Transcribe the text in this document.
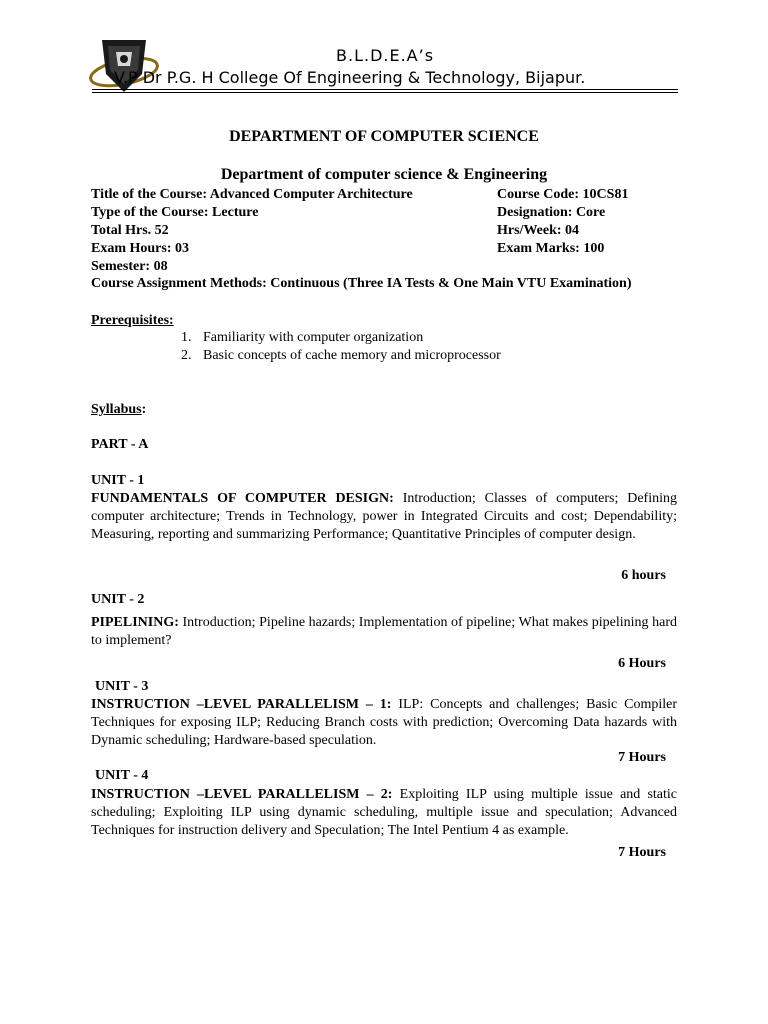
B.L.D.E.A’s
V.P Dr P.G. H College Of Engineering & Technology, Bijapur.
DEPARTMENT OF COMPUTER SCIENCE
Department of computer science & Engineering
Title of the Course: Advanced Computer Architecture	Course Code: 10CS81
Type of the Course: Lecture	Designation: Core
Total Hrs. 52	Hrs/Week: 04
Exam Hours: 03	Exam Marks: 100
Semester: 08
Course Assignment Methods: Continuous (Three IA Tests & One Main VTU Examination)
Prerequisites:
1. Familiarity with computer organization
2. Basic concepts of cache memory and microprocessor
Syllabus:
PART - A
UNIT - 1
FUNDAMENTALS OF COMPUTER DESIGN: Introduction; Classes of computers; Defining computer architecture; Trends in Technology, power in Integrated Circuits and cost; Dependability; Measuring, reporting and summarizing Performance; Quantitative Principles of computer design.
6 hours
UNIT - 2
PIPELINING: Introduction; Pipeline hazards; Implementation of pipeline; What makes pipelining hard to implement?
6 Hours
UNIT - 3
INSTRUCTION –LEVEL PARALLELISM – 1: ILP: Concepts and challenges; Basic Compiler Techniques for exposing ILP; Reducing Branch costs with prediction; Overcoming Data hazards with Dynamic scheduling; Hardware-based speculation.
7 Hours
UNIT - 4
INSTRUCTION –LEVEL PARALLELISM – 2: Exploiting ILP using multiple issue and static scheduling; Exploiting ILP using dynamic scheduling, multiple issue and speculation; Advanced Techniques for instruction delivery and Speculation; The Intel Pentium 4 as example.
7 Hours
